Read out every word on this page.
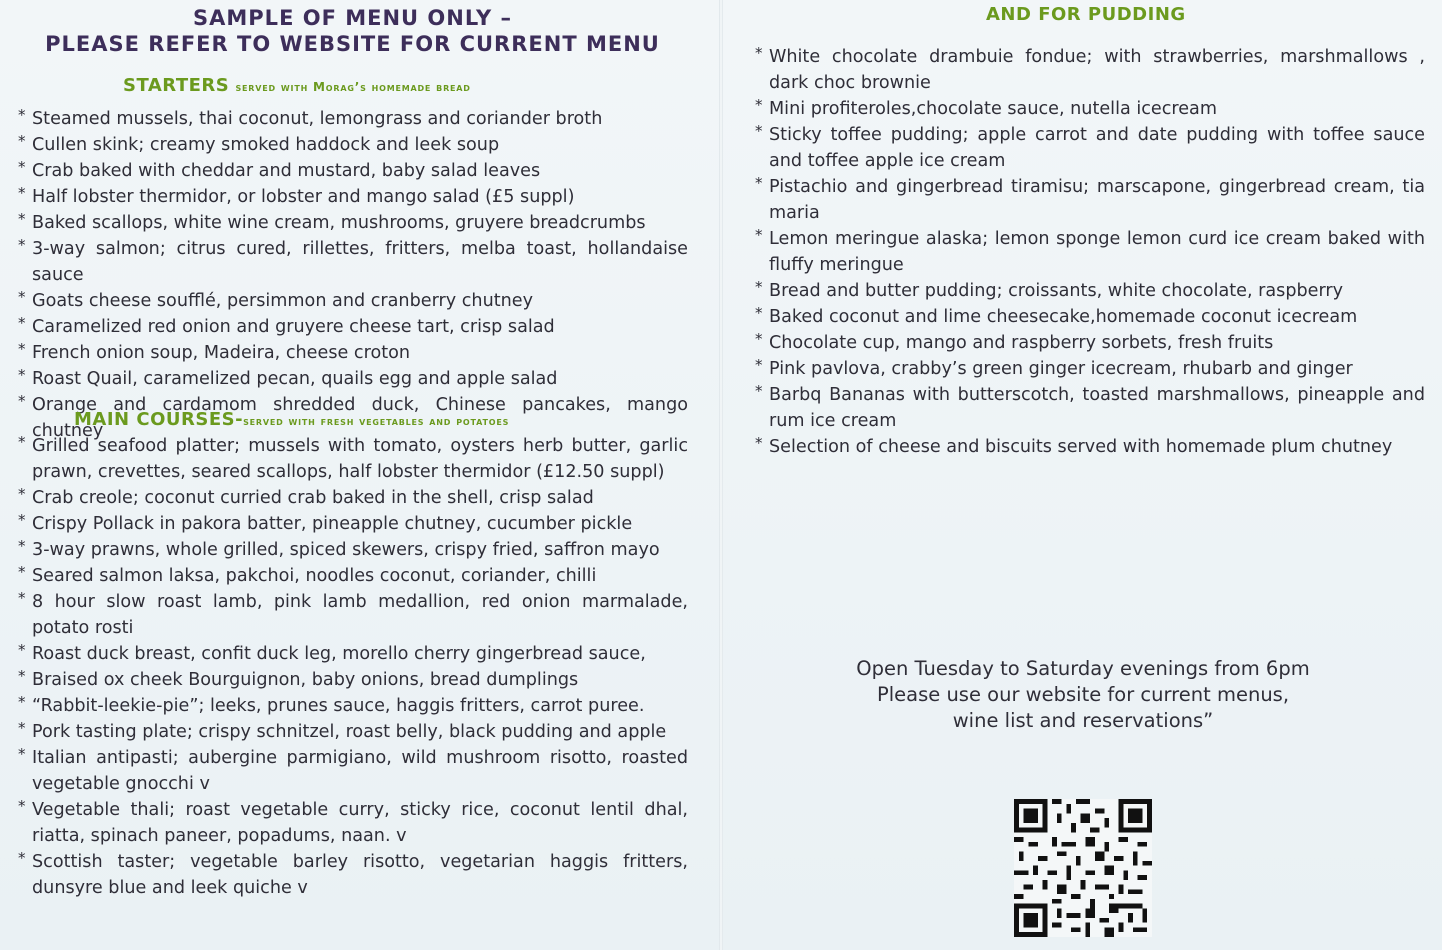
SAMPLE OF MENU ONLY –
PLEASE REFER TO WEBSITE FOR CURRENT MENU
STARTERS served with Morag’s homemade bread
* Steamed mussels, thai coconut, lemongrass and coriander broth
* Cullen skink; creamy smoked haddock and leek soup
* Crab baked with cheddar and mustard, baby salad leaves
* Half lobster thermidor, or lobster and mango salad (£5 suppl)
* Baked scallops, white wine cream, mushrooms, gruyere breadcrumbs
* 3-way salmon; citrus cured, rillettes, fritters, melba toast, hollandaise sauce
* Goats cheese soufflé, persimmon and cranberry chutney
* Caramelized red onion and gruyere cheese tart, crisp salad
* French onion soup, Madeira, cheese croton
* Roast Quail, caramelized pecan, quails egg and apple salad
* Orange and cardamom shredded duck, Chinese pancakes, mango chutney
MAIN COURSES-served with fresh vegetables and potatoes
* Grilled seafood platter; mussels with tomato, oysters herb butter, garlic prawn, crevettes, seared scallops, half lobster thermidor (£12.50 suppl)
* Crab creole; coconut curried crab baked in the shell, crisp salad
* Crispy Pollack in pakora batter, pineapple chutney, cucumber pickle
* 3-way prawns, whole grilled, spiced skewers, crispy fried, saffron mayo
* Seared salmon laksa, pakchoi, noodles coconut, coriander, chilli
* 8 hour slow roast lamb, pink lamb medallion, red onion marmalade, potato rosti
* Roast duck breast, confit duck leg, morello cherry gingerbread sauce,
* Braised ox cheek Bourguignon, baby onions, bread dumplings
* “Rabbit-leekie-pie”; leeks, prunes sauce, haggis fritters, carrot puree.
* Pork tasting plate; crispy schnitzel, roast belly, black pudding and apple
* Italian antipasti; aubergine parmigiano, wild mushroom risotto, roasted vegetable gnocchi v
* Vegetable thali; roast vegetable curry, sticky rice, coconut lentil dhal, riatta, spinach paneer, popadums, naan. v
* Scottish taster; vegetable barley risotto, vegetarian haggis fritters, dunsyre blue and leek quiche v
AND FOR PUDDING
* White chocolate drambuie fondue; with strawberries, marshmallows , dark choc brownie
* Mini profiteroles,chocolate sauce, nutella icecream
* Sticky toffee pudding; apple carrot and date pudding with toffee sauce and toffee apple ice cream
* Pistachio and gingerbread tiramisu; marscapone, gingerbread cream, tia maria
* Lemon meringue alaska; lemon sponge lemon curd ice cream baked with fluffy meringue
* Bread and butter pudding; croissants, white chocolate, raspberry
* Baked coconut and lime cheesecake,homemade coconut icecream
* Chocolate cup, mango and raspberry sorbets, fresh fruits
* Pink pavlova, crabby’s green ginger icecream, rhubarb and ginger
* Barbq Bananas with butterscotch, toasted marshmallows, pineapple and rum ice cream
* Selection of cheese and biscuits served with homemade plum chutney
Open Tuesday to Saturday evenings from 6pm
Please use our website for current menus,
wine list and reservations”
